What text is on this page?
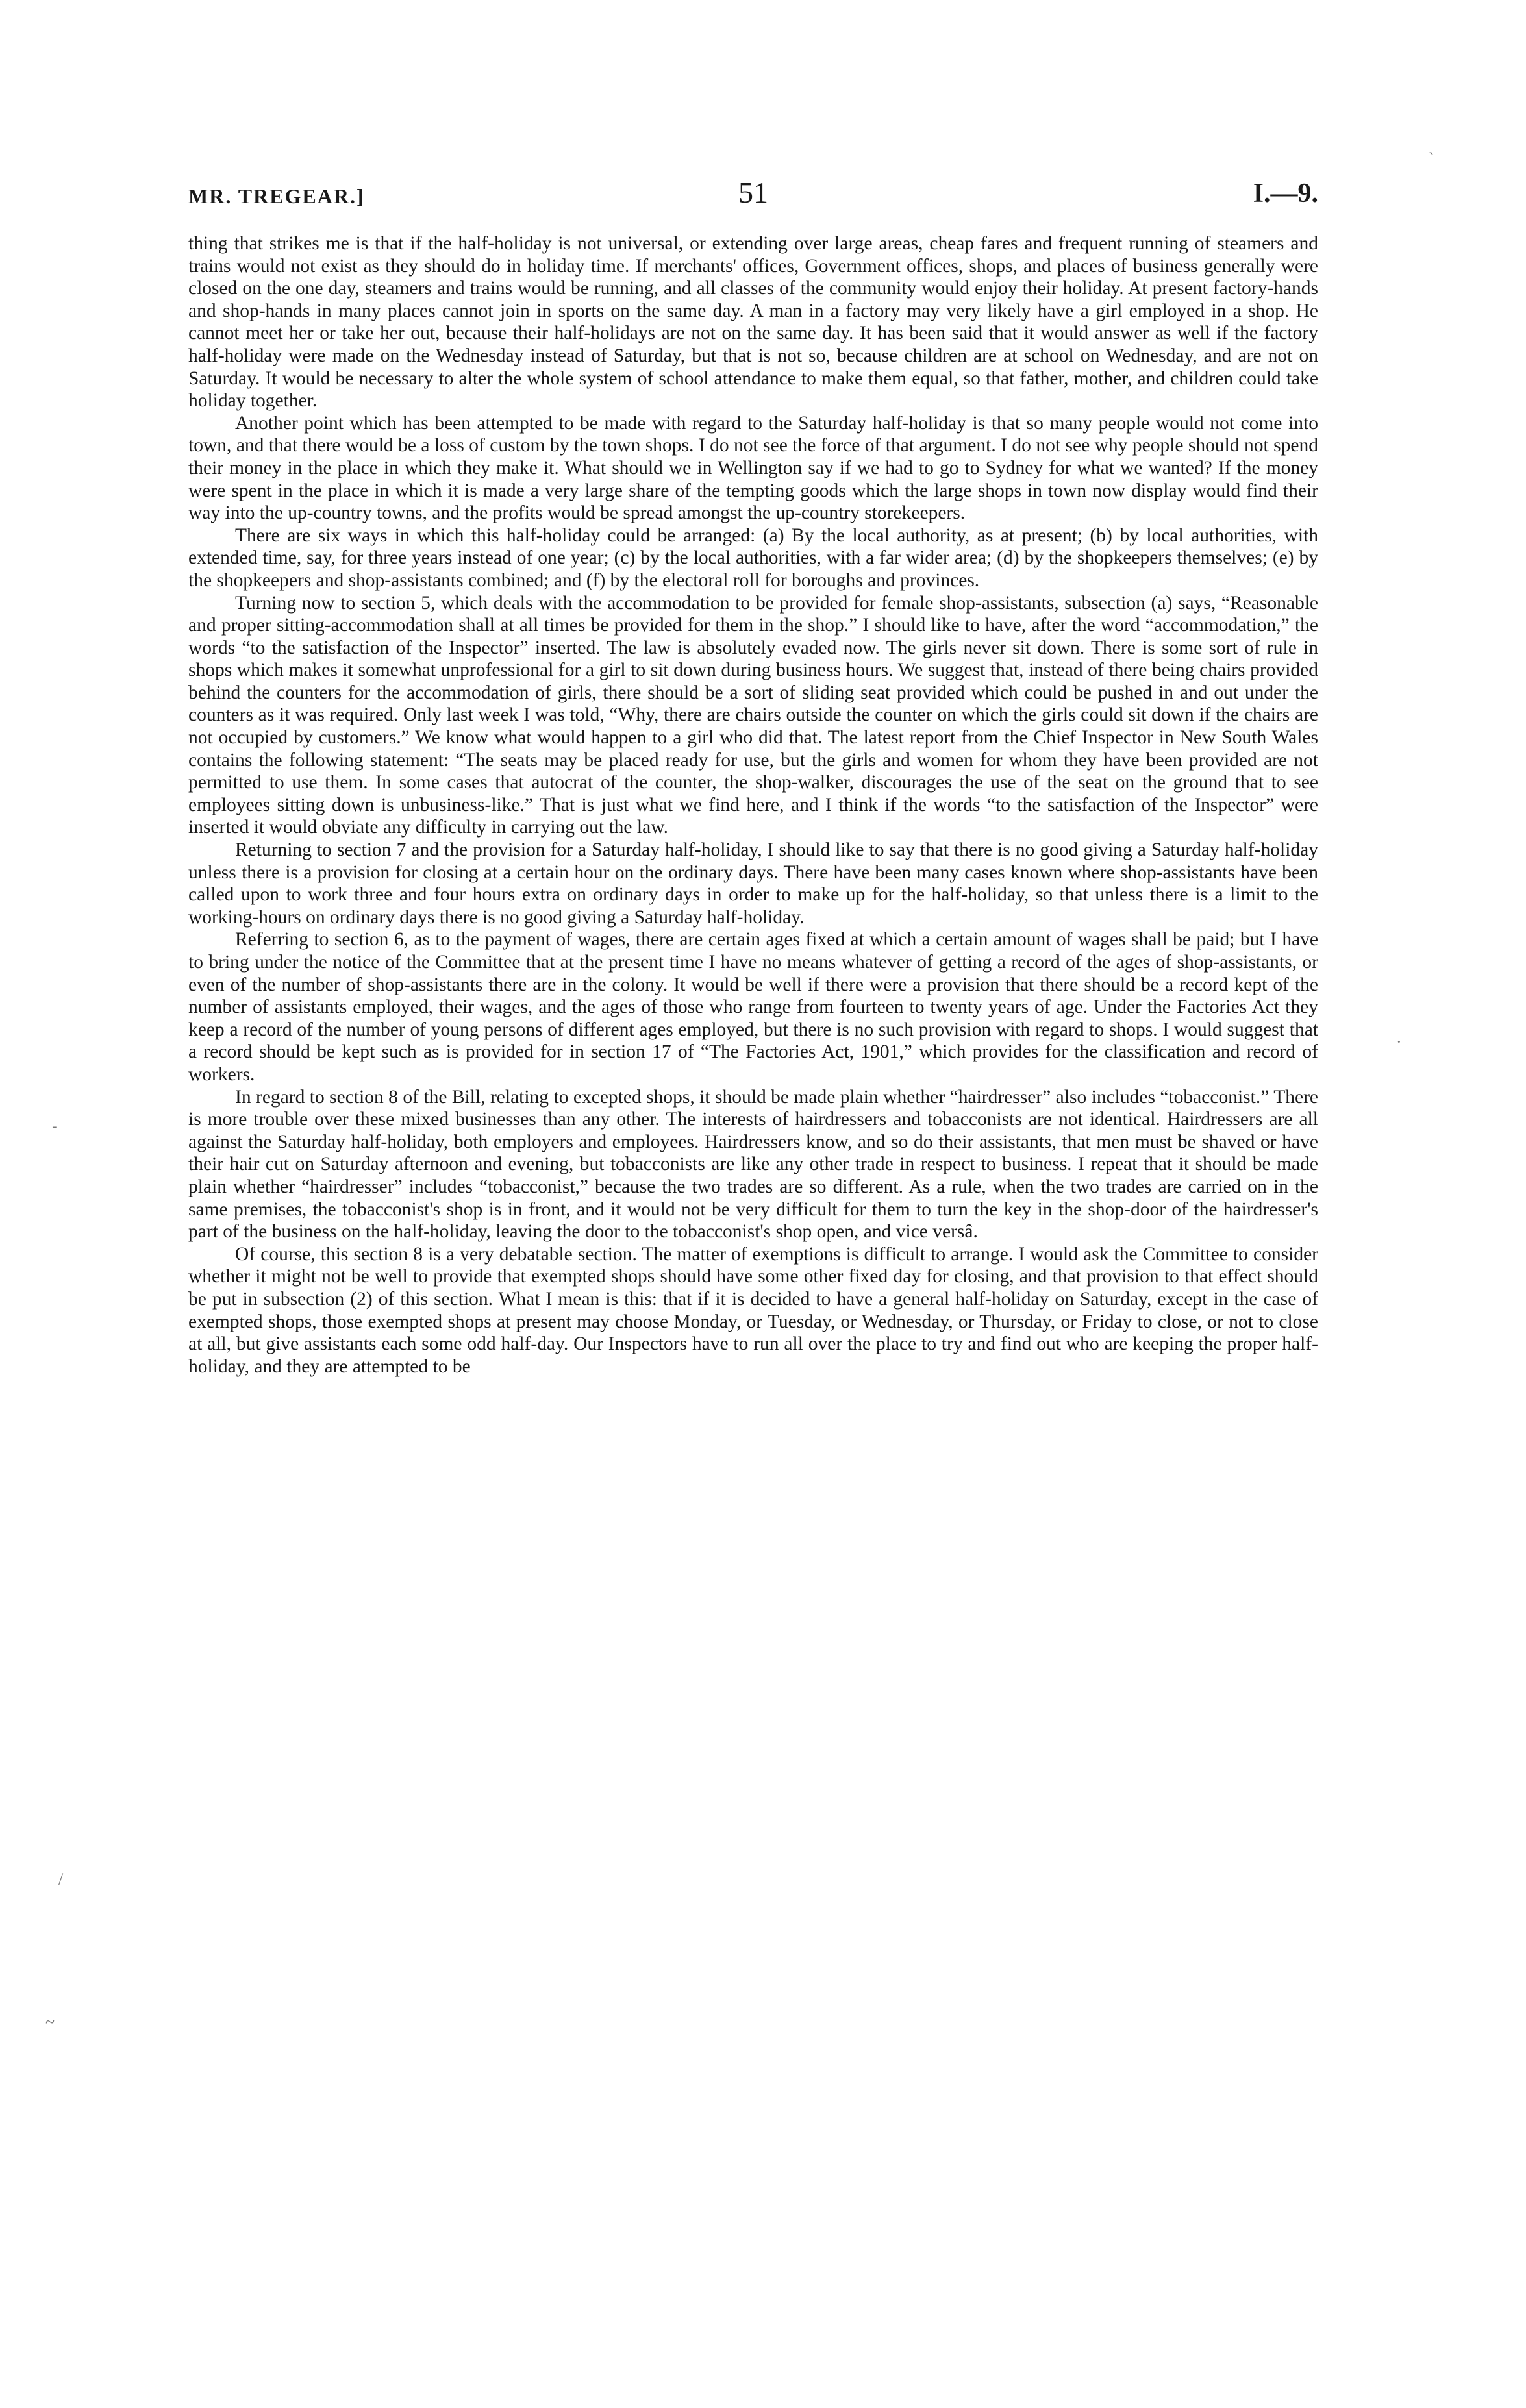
MR. TREGEAR.]	51	I.—9.

thing that strikes me is that if the half-holiday is not universal, or extending over large areas, cheap fares and frequent running of steamers and trains would not exist as they should do in holiday time. If merchants' offices, Government offices, shops, and places of business generally were closed on the one day, steamers and trains would be running, and all classes of the community would enjoy their holiday. At present factory-hands and shop-hands in many places cannot join in sports on the same day. A man in a factory may very likely have a girl employed in a shop. He cannot meet her or take her out, because their half-holidays are not on the same day. It has been said that it would answer as well if the factory half-holiday were made on the Wednesday instead of Saturday, but that is not so, because children are at school on Wednesday, and are not on Saturday. It would be necessary to alter the whole system of school attendance to make them equal, so that father, mother, and children could take holiday together.

Another point which has been attempted to be made with regard to the Saturday half-holiday is that so many people would not come into town, and that there would be a loss of custom by the town shops. I do not see the force of that argument. I do not see why people should not spend their money in the place in which they make it. What should we in Wellington say if we had to go to Sydney for what we wanted? If the money were spent in the place in which it is made a very large share of the tempting goods which the large shops in town now display would find their way into the up-country towns, and the profits would be spread amongst the up-country storekeepers.

There are six ways in which this half-holiday could be arranged: (a) By the local authority, as at present; (b) by local authorities, with extended time, say, for three years instead of one year; (c) by the local authorities, with a far wider area; (d) by the shopkeepers themselves; (e) by the shopkeepers and shop-assistants combined; and (f) by the electoral roll for boroughs and provinces.

Turning now to section 5, which deals with the accommodation to be provided for female shop-assistants, subsection (a) says, “Reasonable and proper sitting-accommodation shall at all times be provided for them in the shop.” I should like to have, after the word “accommodation,” the words “to the satisfaction of the Inspector” inserted. The law is absolutely evaded now. The girls never sit down. There is some sort of rule in shops which makes it somewhat unprofessional for a girl to sit down during business hours. We suggest that, instead of there being chairs provided behind the counters for the accommodation of girls, there should be a sort of sliding seat provided which could be pushed in and out under the counters as it was required. Only last week I was told, “Why, there are chairs outside the counter on which the girls could sit down if the chairs are not occupied by customers.” We know what would happen to a girl who did that. The latest report from the Chief Inspector in New South Wales contains the following statement: “The seats may be placed ready for use, but the girls and women for whom they have been provided are not permitted to use them. In some cases that autocrat of the counter, the shop-walker, discourages the use of the seat on the ground that to see employees sitting down is unbusiness-like.” That is just what we find here, and I think if the words “to the satisfaction of the Inspector” were inserted it would obviate any difficulty in carrying out the law.

Returning to section 7 and the provision for a Saturday half-holiday, I should like to say that there is no good giving a Saturday half-holiday unless there is a provision for closing at a certain hour on the ordinary days. There have been many cases known where shop-assistants have been called upon to work three and four hours extra on ordinary days in order to make up for the half-holiday, so that unless there is a limit to the working-hours on ordinary days there is no good giving a Saturday half-holiday.

Referring to section 6, as to the payment of wages, there are certain ages fixed at which a certain amount of wages shall be paid; but I have to bring under the notice of the Committee that at the present time I have no means whatever of getting a record of the ages of shop-assistants, or even of the number of shop-assistants there are in the colony. It would be well if there were a provision that there should be a record kept of the number of assistants employed, their wages, and the ages of those who range from fourteen to twenty years of age. Under the Factories Act they keep a record of the number of young persons of different ages employed, but there is no such provision with regard to shops. I would suggest that a record should be kept such as is provided for in section 17 of “The Factories Act, 1901,” which provides for the classification and record of workers.

In regard to section 8 of the Bill, relating to excepted shops, it should be made plain whether “hairdresser” also includes “tobacconist.” There is more trouble over these mixed businesses than any other. The interests of hairdressers and tobacconists are not identical. Hairdressers are all against the Saturday half-holiday, both employers and employees. Hairdressers know, and so do their assistants, that men must be shaved or have their hair cut on Saturday afternoon and evening, but tobacconists are like any other trade in respect to business. I repeat that it should be made plain whether “hairdresser” includes “tobacconist,” because the two trades are so different. As a rule, when the two trades are carried on in the same premises, the tobacconist's shop is in front, and it would not be very difficult for them to turn the key in the shop-door of the hairdresser's part of the business on the half-holiday, leaving the door to the tobacconist's shop open, and vice versâ.

Of course, this section 8 is a very debatable section. The matter of exemptions is difficult to arrange. I would ask the Committee to consider whether it might not be well to provide that exempted shops should have some other fixed day for closing, and that provision to that effect should be put in subsection (2) of this section. What I mean is this: that if it is decided to have a general half-holiday on Saturday, except in the case of exempted shops, those exempted shops at present may choose Monday, or Tuesday, or Wednesday, or Thursday, or Friday to close, or not to close at all, but give assistants each some odd half-day. Our Inspectors have to run all over the place to try and find out who are keeping the proper half-holiday, and they are attempted to be

`
-
·
/
~
